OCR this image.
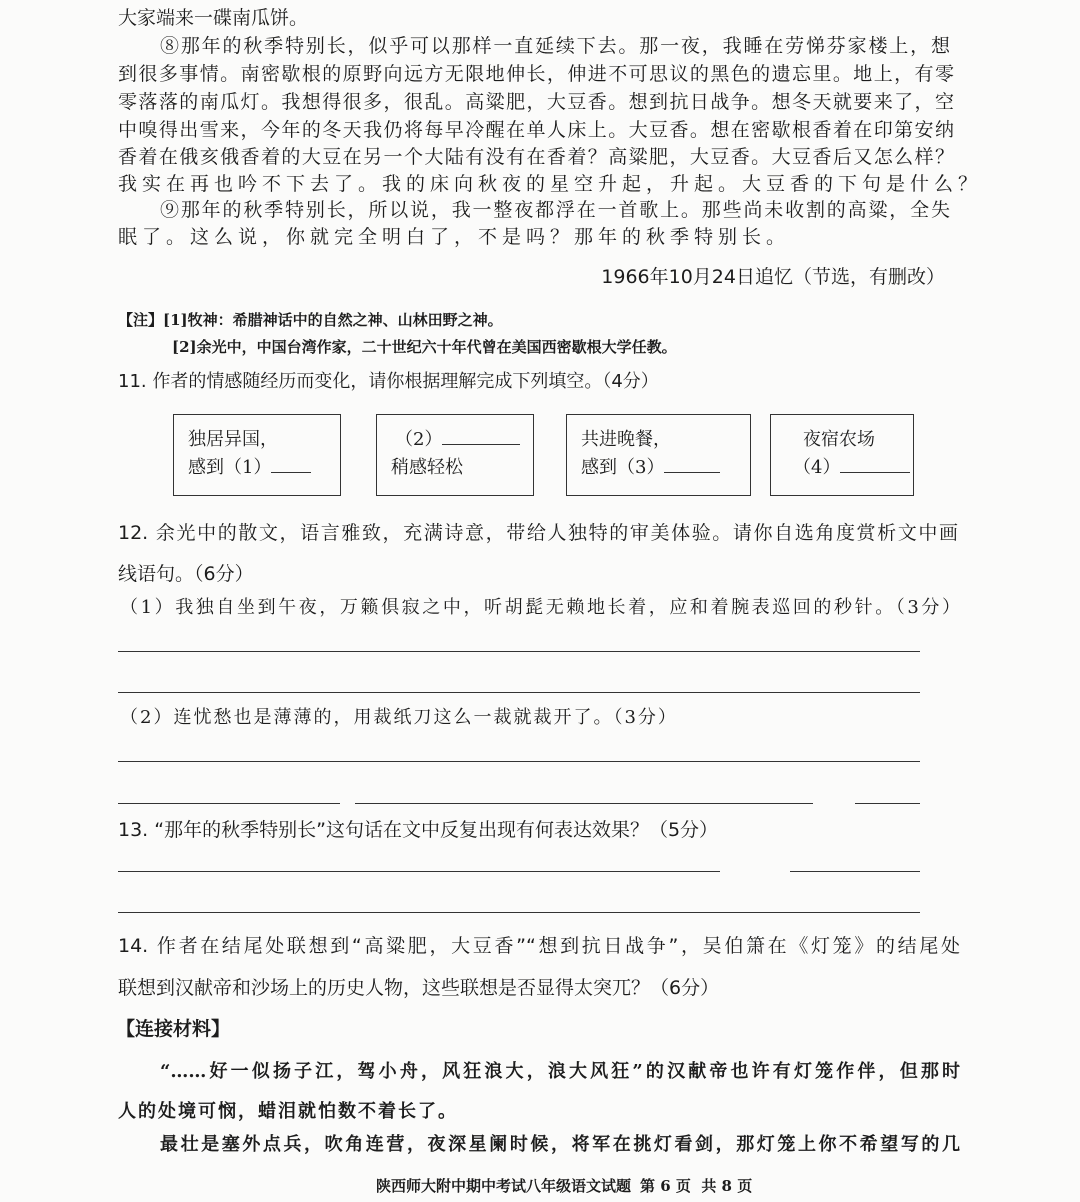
大家端来一碟南瓜饼。
⑧那年的秋季特别长，似乎可以那样一直延续下去。那一夜，我睡在劳悌芬家楼上，想
到很多事情。南密歇根的原野向远方无限地伸长，伸进不可思议的黑色的遗忘里。地上，有零
零落落的南瓜灯。我想得很多，很乱。高粱肥，大豆香。想到抗日战争。想冬天就要来了，空
中嗅得出雪来，今年的冬天我仍将每早冷醒在单人床上。大豆香。想在密歇根香着在印第安纳
香着在俄亥俄香着的大豆在另一个大陆有没有在香着？高粱肥，大豆香。大豆香后又怎么样？
我实在再也吟不下去了。我的床向秋夜的星空升起，升起。大豆香的下句是什么？
⑨那年的秋季特别长，所以说，我一整夜都浮在一首歌上。那些尚未收割的高粱，全失
眠了。这么说，你就完全明白了，不是吗？那年的秋季特别长。
1966年10月24日追忆（节选，有删改）
【注】[1]牧神：希腊神话中的自然之神、山林田野之神。
[2]余光中，中国台湾作家，二十世纪六十年代曾在美国西密歇根大学任教。
11. 作者的情感随经历而变化，请你根据理解完成下列填空。（4分）
独居异国，
感到（1）
（2）
稍感轻松
共进晚餐，
感到（3）
夜宿农场
（4）
12. 余光中的散文，语言雅致，充满诗意，带给人独特的审美体验。请你自选角度赏析文中画
线语句。（6分）
（1）我独自坐到午夜，万籁俱寂之中，听胡髭无赖地长着，应和着腕表巡回的秒针。（3分）
（2）连忧愁也是薄薄的，用裁纸刀这么一裁就裁开了。（3分）
13. “那年的秋季特别长”这句话在文中反复出现有何表达效果？（5分）
14. 作者在结尾处联想到“高粱肥，大豆香”“想到抗日战争”，吴伯箫在《灯笼》的结尾处
联想到汉献帝和沙场上的历史人物，这些联想是否显得太突兀？（6分）
【连接材料】
“……好一似扬子江，驾小舟，风狂浪大，浪大风狂”的汉献帝也许有灯笼作伴，但那时
人的处境可悯，蜡泪就怕数不着长了。
最壮是塞外点兵，吹角连营，夜深星阑时候，将军在挑灯看剑，那灯笼上你不希望写的几
陕西师大附中期中考试八年级语文试题 第 6 页  共 8 页
